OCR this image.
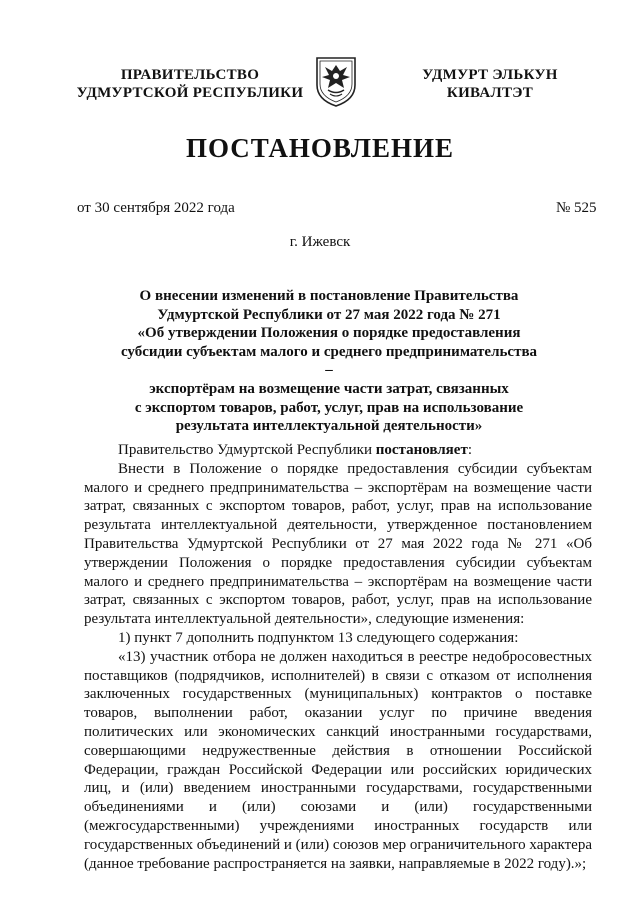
ПРАВИТЕЛЬСТВО
УДМУРТСКОЙ РЕСПУБЛИКИ
УДМУРТ ЭЛЬКУН
КИВАЛТЭТ
ПОСТАНОВЛЕНИЕ
от 30 сентября 2022 года	№ 525
г. Ижевск
О внесении изменений в постановление Правительства
Удмуртской Республики от 27 мая 2022 года № 271
«Об утверждении Положения о порядке предоставления
субсидии субъектам малого и среднего предпринимательства –
экспортёрам на возмещение части затрат, связанных
с экспортом товаров, работ, услуг, прав на использование
результата интеллектуальной деятельности»

Правительство Удмуртской Республики постановляет:

Внести в Положение о порядке предоставления субсидии субъектам малого и среднего предпринимательства – экспортёрам на возмещение части затрат, связанных с экспортом товаров, работ, услуг, прав на использование результата интеллектуальной деятельности, утвержденное постановлением Правительства Удмуртской Республики от 27 мая 2022 года № 271 «Об утверждении Положения о порядке предоставления субсидии субъектам малого и среднего предпринимательства – экспортёрам на возмещение части затрат, связанных с экспортом товаров, работ, услуг, прав на использование результата интеллектуальной деятельности», следующие изменения:

1) пункт 7 дополнить подпунктом 13 следующего содержания:

«13) участник отбора не должен находиться в реестре недобросовестных поставщиков (подрядчиков, исполнителей) в связи с отказом от исполнения заключенных государственных (муниципальных) контрактов о поставке товаров, выполнении работ, оказании услуг по причине введения политических или экономических санкций иностранными государствами, совершающими недружественные действия в отношении Российской Федерации, граждан Российской Федерации или российских юридических лиц, и (или) введением иностранными государствами, государственными объединениями и (или) союзами и (или) государственными (межгосударственными) учреждениями иностранных государств или государственных объединений и (или) союзов мер ограничительного характера (данное требование распространяется на заявки, направляемые в 2022 году).»;
